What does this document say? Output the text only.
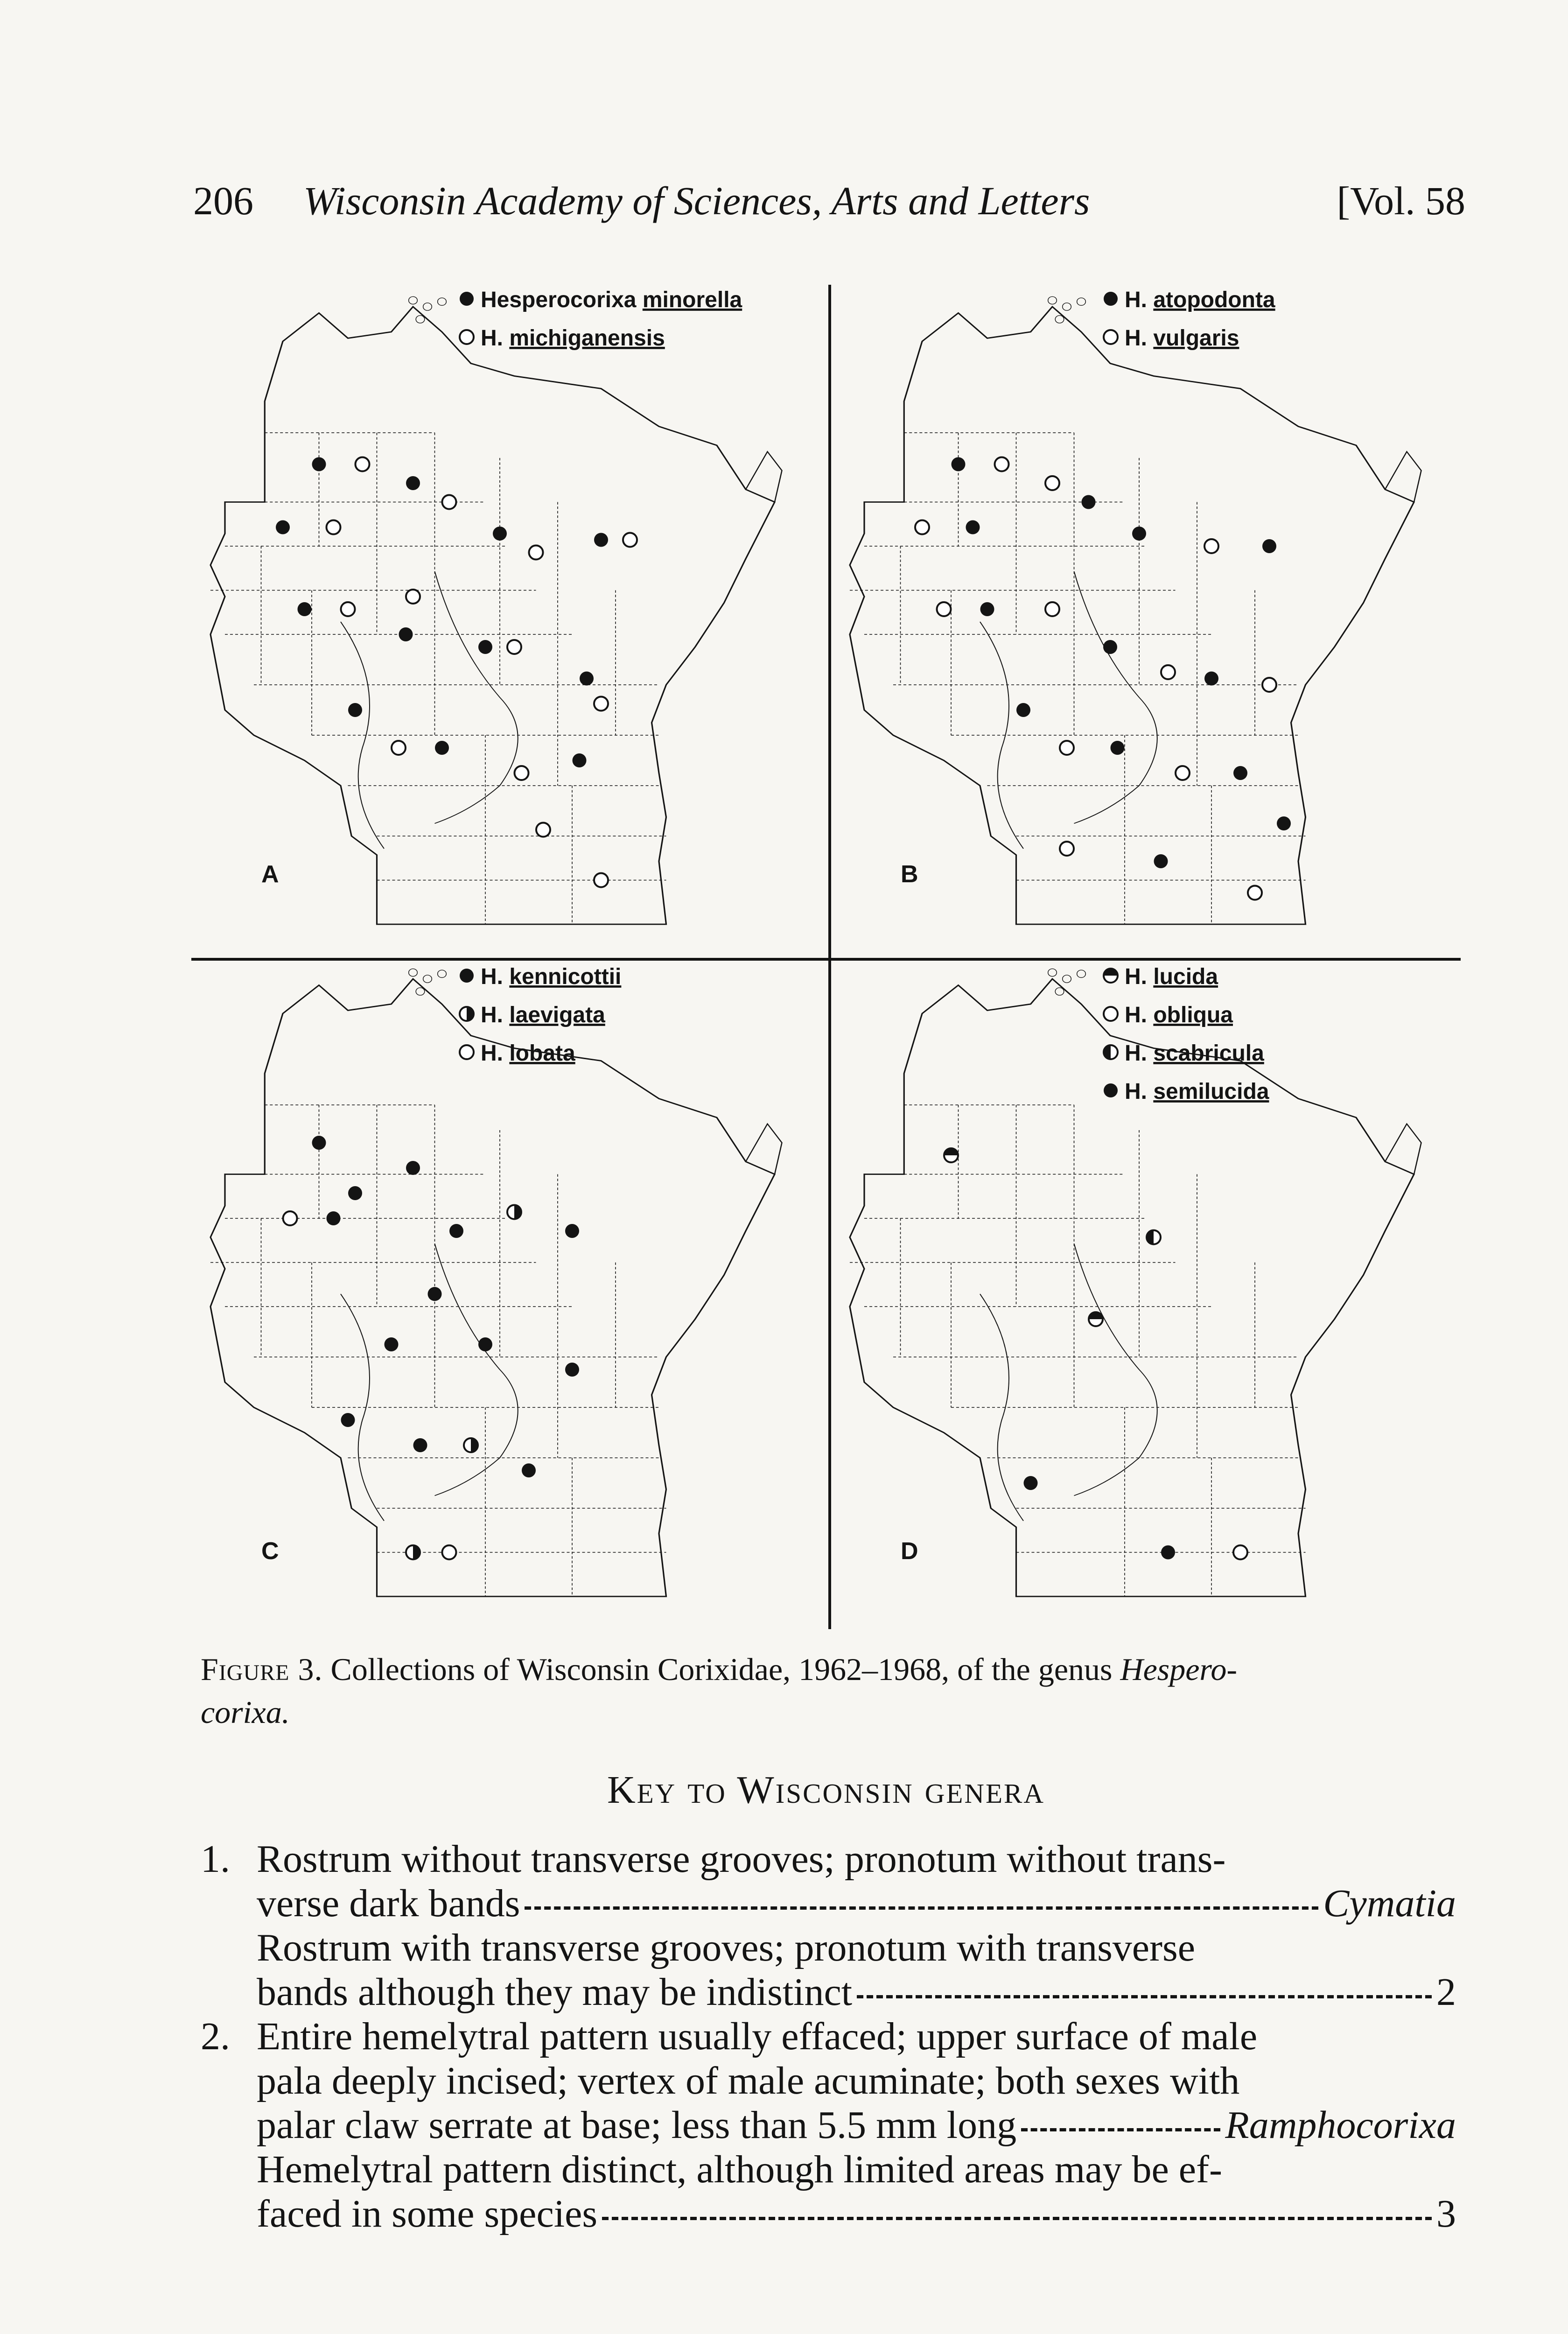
206 Wisconsin Academy of Sciences, Arts and Letters	[Vol. 58
A
Hesperocorixa minorella
H. michiganensis
B
H. atopodonta
H. vulgaris
C
H. kennicottii
H. laevigata
H. lobata
D
H. lucida
H. obliqua
H. scabricula
H. semilucida
Figure 3. Collections of Wisconsin Corixidae, 1962–1968, of the genus Hespero-
corixa.
Key to Wisconsin genera
1. Rostrum without transverse grooves; pronotum without trans-
verse dark bands	Cymatia
Rostrum with transverse grooves; pronotum with transverse
bands although they may be indistinct	2
2. Entire hemelytral pattern usually effaced; upper surface of male
pala deeply incised; vertex of male acuminate; both sexes with
palar claw serrate at base; less than 5.5 mm long	Ramphocorixa
Hemelytral pattern distinct, although limited areas may be ef-
faced in some species	3
